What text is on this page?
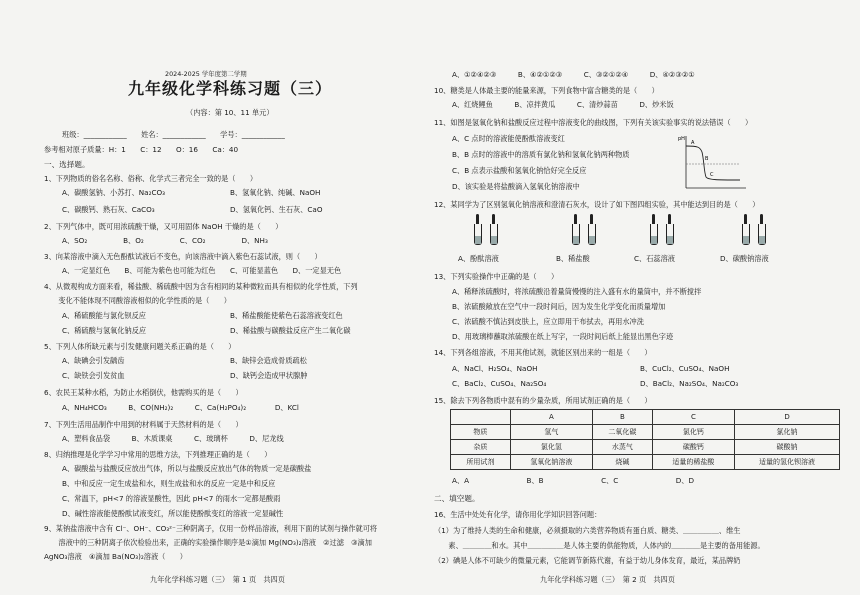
2024-2025 学年度第二学期
九年级化学科练习题（三）
（内容：第 10、11 单元）
班级：____________　　姓名：____________　　学号：____________
参考相对原子质量：H：1　　C：12　　O：16　　Ca：40
一、选择题。
1、下列物质的俗名名称、俗称、化学式三者完全一致的是（　　）
A、碳酸氢钠、小苏打、Na₂CO₃	B、氢氧化钠、纯碱、NaOH
C、碳酸钙、熟石灰、CaCO₃	D、氢氧化钙、生石灰、CaO
2、下列气体中，既可用浓硫酸干燥，又可用固体 NaOH 干燥的是（　　）
A、SO₂　　　　　B、O₂　　　　　C、CO₂　　　　　D、NH₃
3、向某溶液中滴入无色酚酞试液后不变色，向该溶液中滴入紫色石蕊试液，则（　　）
A、一定显红色　　B、可能为紫色也可能为红色　　C、可能显蓝色　　D、一定显无色
4、从微观构成方面来看，稀盐酸、稀硫酸中因为含有相同的某种微粒而具有相似的化学性质，下列
　　变化不能体现不同酸溶液相似的化学性质的是（　　）
A、稀硫酸能与氯化钡反应	B、稀盐酸能使紫色石蕊溶液变红色
C、稀硫酸与氢氧化钠反应	D、稀盐酸与碳酸盐反应产生二氧化碳
5、下列人体所缺元素与引发健康问题关系正确的是（　　）
A、缺碘会引发龋齿	B、缺锌会造成骨质疏松
C、缺铁会引发贫血	D、缺钙会造成甲状腺肿
6、农民王某种水稻，为防止水稻倒伏，他需购买的是（　　）
A、NH₄HCO₃　　　B、CO(NH₂)₂　　　C、Ca(H₂PO₄)₂　　　　D、KCl
7、下列生活用品制作中用到的材料属于天然材料的是（　　）
A、塑料食品袋　　　B、木质课桌　　　C、玻璃杯　　　D、尼龙线
8、归纳推理是化学学习中常用的思维方法，下列推理正确的是（　　）
A、碳酸盐与盐酸反应放出气体，所以与盐酸反应放出气体的物质一定是碳酸盐
B、中和反应一定生成盐和水，则生成盐和水的反应一定是中和反应
C、常温下，pH<7 的溶液显酸性，因此 pH<7 的雨水一定都是酸雨
D、碱性溶液能使酚酞试液变红，所以能使酚酞变红的溶液一定显碱性
9、某钠盐溶液中含有 Cl⁻、OH⁻、CO₃²⁻三种阴离子，仅用一份样品溶液，利用下面的试剂与操作就可将
　　溶液中的三种阴离子依次检验出来，正确的实验操作顺序是①滴加 Mg(NO₃)₂溶液　②过滤　③滴加
AgNO₃溶液　④滴加 Ba(NO₃)₂溶液（　　）
九年化学科练习题（三）　第 1 页　共四页
A、①②④②③　　　B、④②①②③　　　C、③②①②④　　　D、④②③②①
10、糖类是人体最主要的能量来源，下列食物中富含糖类的是（　　）
A、红烧鲤鱼　　　B、凉拌黄瓜　　　C、清炒蒜苗　　　D、炒米饭
11、如图是氢氧化钠和盐酸反应过程中溶液变化的曲线图，下列有关该实验事实的说法错误（　　）
A、C 点时的溶液能使酚酞溶液变红
B、B 点时的溶液中的溶质有氯化钠和氢氧化钠两种物质
C、B 点表示盐酸和氢氧化钠恰好完全反应
D、该实验是将盐酸滴入氢氧化钠溶液中
pH
A
B
C
12、某同学为了区别氢氧化钠溶液和澄清石灰水，设计了如下图四组实验，其中能达到目的是（　　）
A、酚酞溶液	B、稀盐酸	C、石蕊溶液	D、碳酸钠溶液
13、下列实验操作中正确的是（　　）
A、稀释浓硫酸时，将浓硫酸沿着量筒慢慢的注入盛有水的量筒中，并不断搅拌
B、浓硫酸敞放在空气中一段时间后，因为发生化学变化而质量增加
C、浓硫酸不慎沾到皮肤上，应立即用干布拭去，再用水冲洗
D、用玻璃棒蘸取浓硫酸在纸上写字，一段时间后纸上能显出黑色字迹
14、下列各组溶液，不用其他试剂，就能区别出来的一组是（　　）
A、NaCl、H₂SO₄、NaOH	B、CuCl₂、CuSO₄、NaOH
C、BaCl₂、CuSO₄、Na₂SO₄	D、BaCl₂、Na₂SO₄、Na₂CO₃
15、除去下列各物质中混有的少量杂质，所用试剂正确的是（　　）
	A	B	C	D
物质	氢气	二氧化碳	氯化钙	氯化钠
杂质	氯化氢	水蒸气	碳酸钙	碳酸钠
所用试剂	氢氧化钠溶液	烧碱	适量的稀盐酸	适量的氢化钡溶液
A、A　　　　　　　　B、B　　　　　　　　C、C　　　　　　　　D、D
二、填空题。
16、生活中处处有化学，请你用化学知识回答问题：
（1）为了维持人类的生命和健康，必须摄取的六类营养物质有蛋白质、糖类、＿＿＿＿＿、维生
　　素、＿＿＿＿和水。其中＿＿＿＿＿是人体主要的供能物质，人体内的＿＿＿＿是主要的备用能源。
（2）碘是人体不可缺少的微量元素，它能调节新陈代谢，有益于幼儿身体发育，最近，某品牌奶
九年化学科练习题（三）　第 2 页　共四页
